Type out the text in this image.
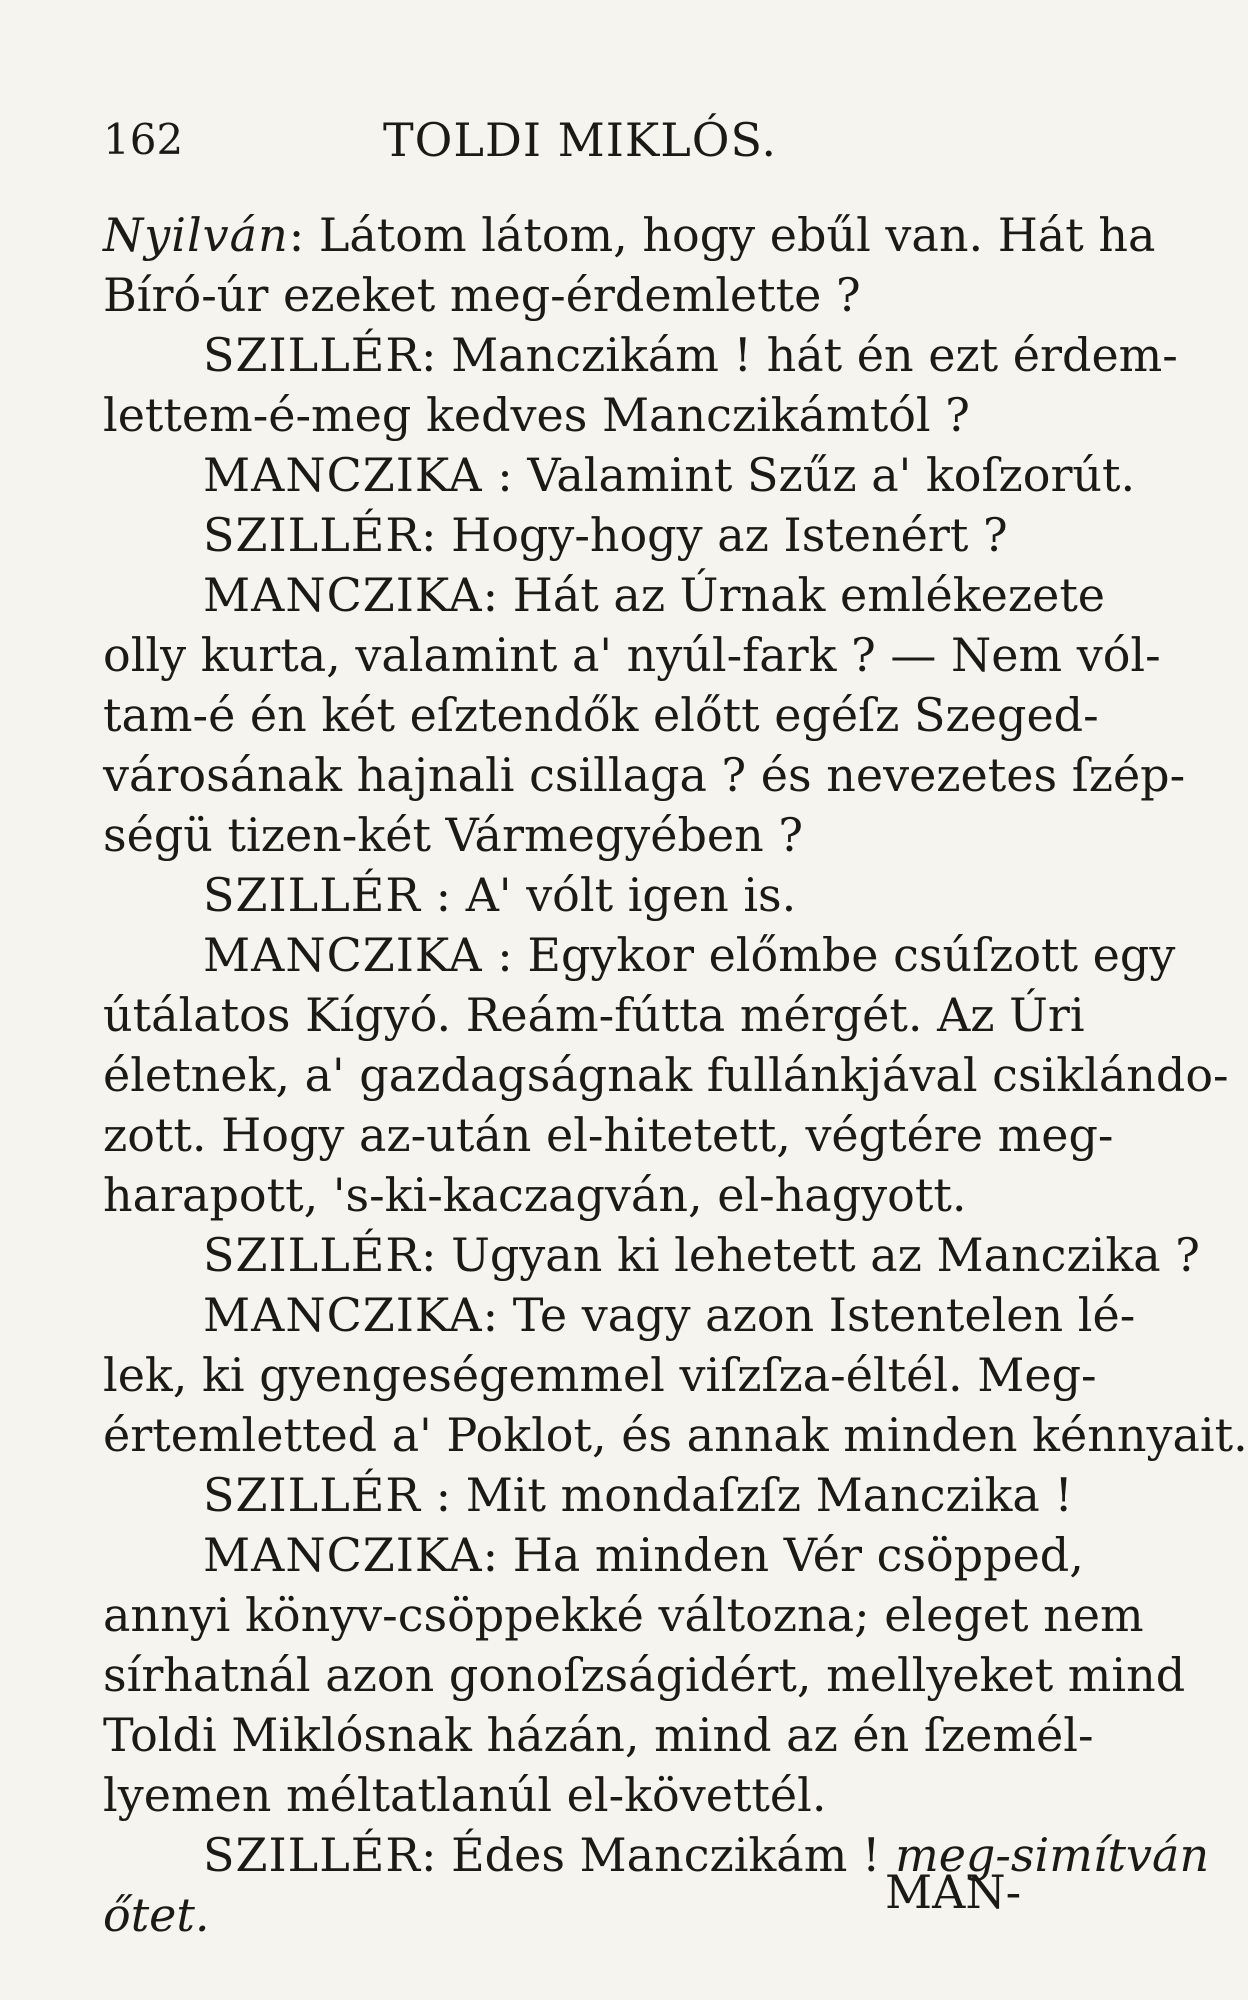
162	TOLDI MIKLÓS.
Nyilván: Látom látom, hogy ebűl van. Hát ha
Bíró-úr ezeket meg-érdemlette ?
SZILLÉR: Manczikám ! hát én ezt érdem-
lettem-é-meg kedves Manczikámtól ?
MANCZIKA : Valamint Szűz a' koſzorút.
SZILLÉR: Hogy-hogy az Istenért ?
MANCZIKA: Hát az Úrnak emlékezete
olly kurta, valamint a' nyúl-fark ? — Nem vól-
tam-é én két eſztendők előtt egéſz Szeged-
városának hajnali csillaga ? és nevezetes ſzép-
ségü tizen-két Vármegyében ?
SZILLÉR : A' vólt igen is.
MANCZIKA : Egykor előmbe csúſzott egy
útálatos Kígyó. Reám-fútta mérgét. Az Úri
életnek, a' gazdagságnak fullánkjával csiklándo-
zott. Hogy az-után el-hitetett, végtére meg-
harapott, 's-ki-kaczagván, el-hagyott.
SZILLÉR: Ugyan ki lehetett az Manczika ?
MANCZIKA: Te vagy azon Istentelen lé-
lek, ki gyengeségemmel viſzſza-éltél. Meg-
értemletted a' Poklot, és annak minden kénnyait.
SZILLÉR : Mit mondaſzſz Manczika !
MANCZIKA: Ha minden Vér csöpped,
annyi könyv-csöppekké változna; eleget nem
sírhatnál azon gonoſzságidért, mellyeket mind
Toldi Miklósnak házán, mind az én ſzemél-
lyemen méltatlanúl el-követtél.
SZILLÉR: Édes Manczikám ! meg-simítván
őtet.	MAN-
